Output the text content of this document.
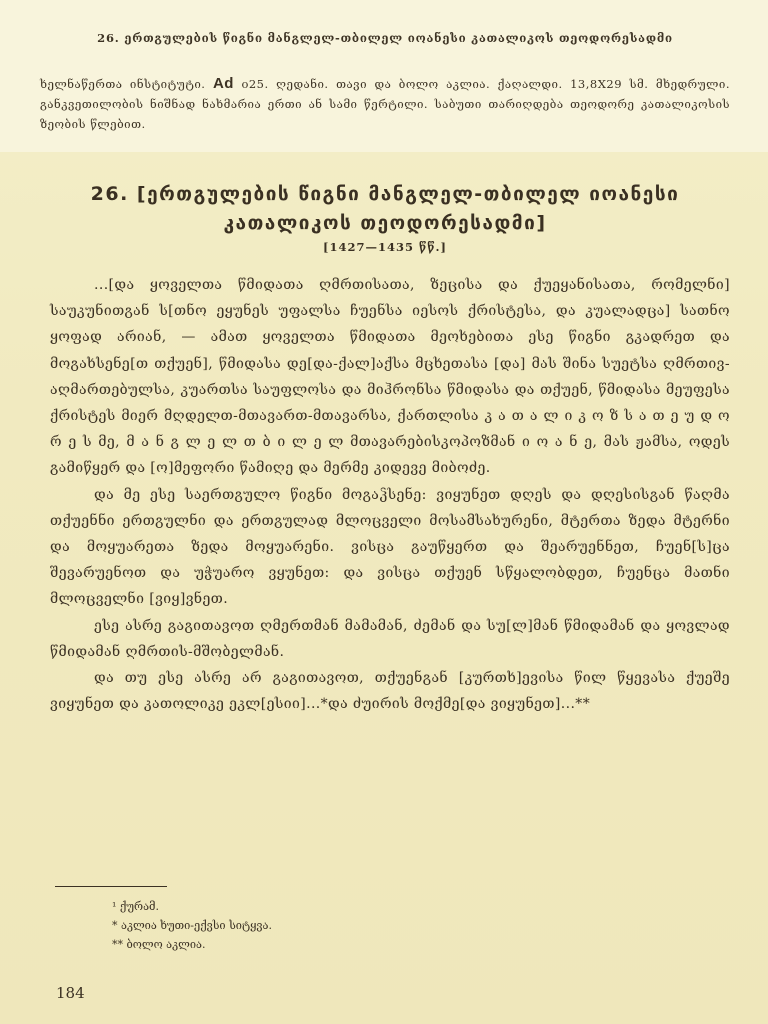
26. ერთგულების წიგნი მანგლელ-თბილელ იოანესი კათალიკოს თეოდორესადმი
ხელნაწერთა ინსტიტუტი. Ad o25. ღედანი. თავი და ბოლო აკლია. ქაღალდი. 13,8X29 სმ. მხედრული. განკვეთილობის ნიშნად ნახმარია ერთი ან სამი წერტილი. საბუთი თარიღდება თეოდორე კათალიკოსის ზეობის წლებით.
26. [ერთგულების წიგნი მანგლელ-თბილელ იოანესი კათალიკოს თეოდორესადმი]
[1427—1435 წწ.]

...[და ყოველთა წმიდათა ღმრთისათა, ზეცისა და ქუეყანისათა, რომელნი] საუკუნითგან ს[თნო ეყუნეს უფალსა ჩუენსა იესოს ქრისტესა, და კუალადცა] სათნო ყოფად არიან, — ამათ ყოველთა წმიდათა მეოხებითა ესე წიგნი გკადრეთ და მოგახსენე[თ თქუენ], წმიდასა დე[და-ქალ]აქსა მცხეთასა [და] მას შინა სუეტსა ღმრთივ-აღმართებულსა, კუართსა საუფლოსა და მიჰრონსა წმიდასა და თქუენ, წმიდასა მეუფესა ქრისტეს მიერ მღდელთ-მთავართ-მთავარსა, ქართლისა კ ა თ ა ლ ი კ ო ზ ს ა თ ე უ დ ო რ ე ს მე, მ ა ნ გ ლ ე ლ თ ბ ი ლ ე ლ მთავარებისკოპოზმან ი ო ა ნ ე, მას ჟამსა, ოდეს გამიწყერ და [ო]მეფორი წამიღე და მერმე კიდევე მიბოძე.

და მე ესე საერთგულო წიგნი მოგაჴსენე: ვიყუნეთ დღეს და დღესისგან წაღმა თქუენნი ერთგულნი და ერთგულად მლოცველი მოსამსახურენი, მტერთა ზედა მტერნი და მოყუარეთა ზედა მოყუარენი. ვისცა გაუწყერთ და შეარუენნეთ, ჩუენ[ს]ცა შევარუენოთ და უჭუარო ვყუნეთ: და ვისცა თქუენ სწყალობდეთ, ჩუენცა მათნი მლოცველნი [ვიყ]ვნეთ.

ესე ასრე გაგითავოთ ღმერთმან მამამან, ძემან და სუ[ლ]მან წმიდამან და ყოვლად წმიდამან ღმრთის-მშობელმან.

და თუ ესე ასრე არ გაგითავოთ, თქუენგან [კურთხ]ევისა წილ წყევასა ქუეშე ვიყუნეთ და კათოლიკე ეკლ[ესიი]...*და ძუირის მოქმე[და ვიყუნეთ]...**

¹ ქურამ.
* აკლია ხუთი-ექვსი სიტყვა.
** ბოლო აკლია.
184
